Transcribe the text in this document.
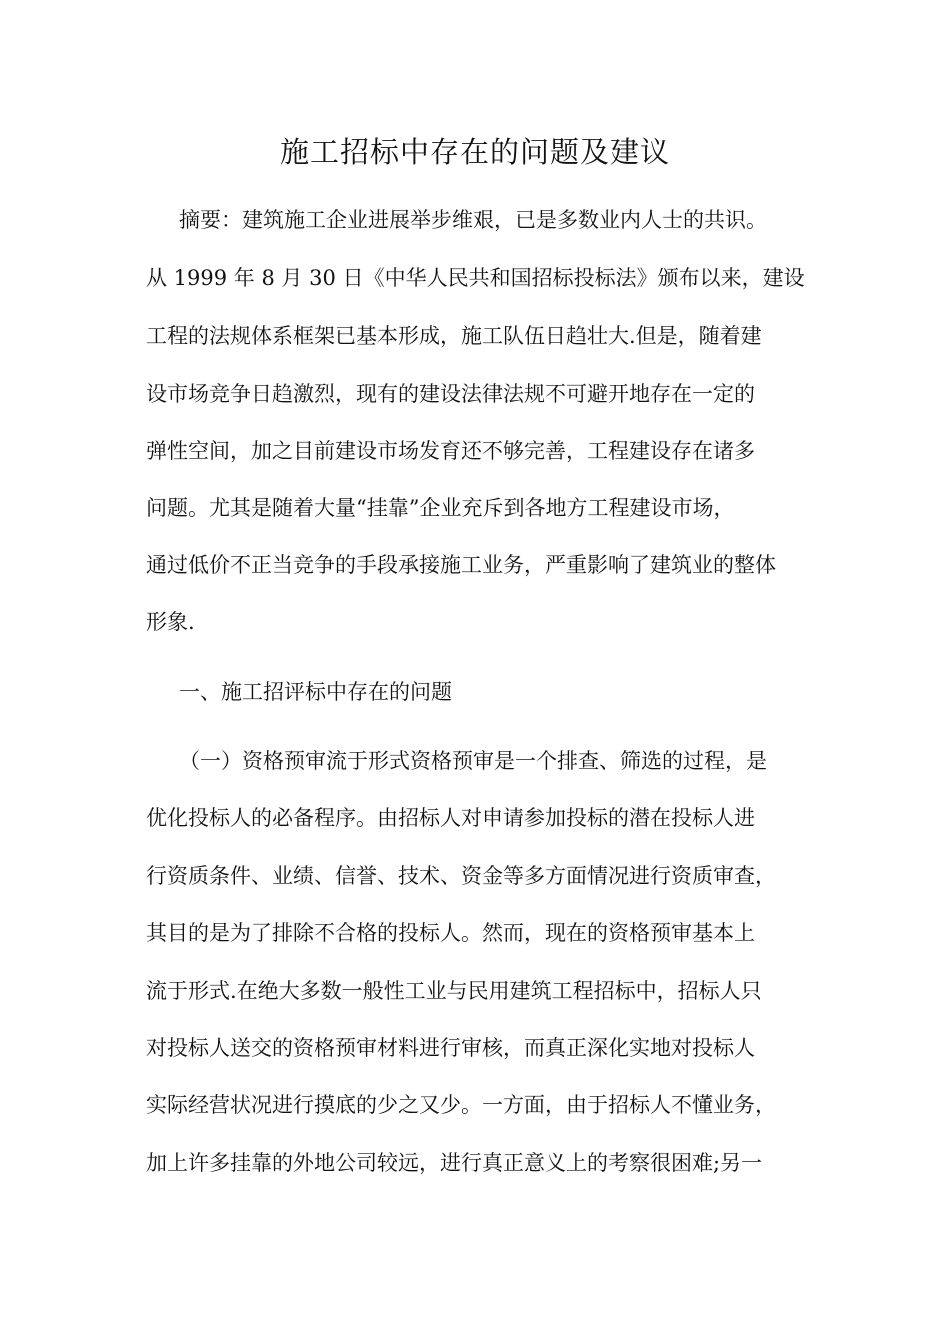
施工招标中存在的问题及建议
摘要：建筑施工企业进展举步维艰，已是多数业内人士的共识。
从 1999 年 8 月 30 日《中华人民共和国招标投标法》颁布以来，建设
工程的法规体系框架已基本形成，施工队伍日趋壮大.但是，随着建
设市场竞争日趋激烈，现有的建设法律法规不可避开地存在一定的
弹性空间，加之目前建设市场发育还不够完善，工程建设存在诸多
问题。尤其是随着大量“挂靠”企业充斥到各地方工程建设市场，
通过低价不正当竞争的手段承接施工业务，严重影响了建筑业的整体
形象.
一、施工招评标中存在的问题
（一）资格预审流于形式资格预审是一个排查、筛选的过程，是
优化投标人的必备程序。由招标人对申请参加投标的潜在投标人进
行资质条件、业绩、信誉、技术、资金等多方面情况进行资质审查，
其目的是为了排除不合格的投标人。然而，现在的资格预审基本上
流于形式.在绝大多数一般性工业与民用建筑工程招标中，招标人只
对投标人送交的资格预审材料进行审核，而真正深化实地对投标人
实际经营状况进行摸底的少之又少。一方面，由于招标人不懂业务，
加上许多挂靠的外地公司较远，进行真正意义上的考察很困难;另一
